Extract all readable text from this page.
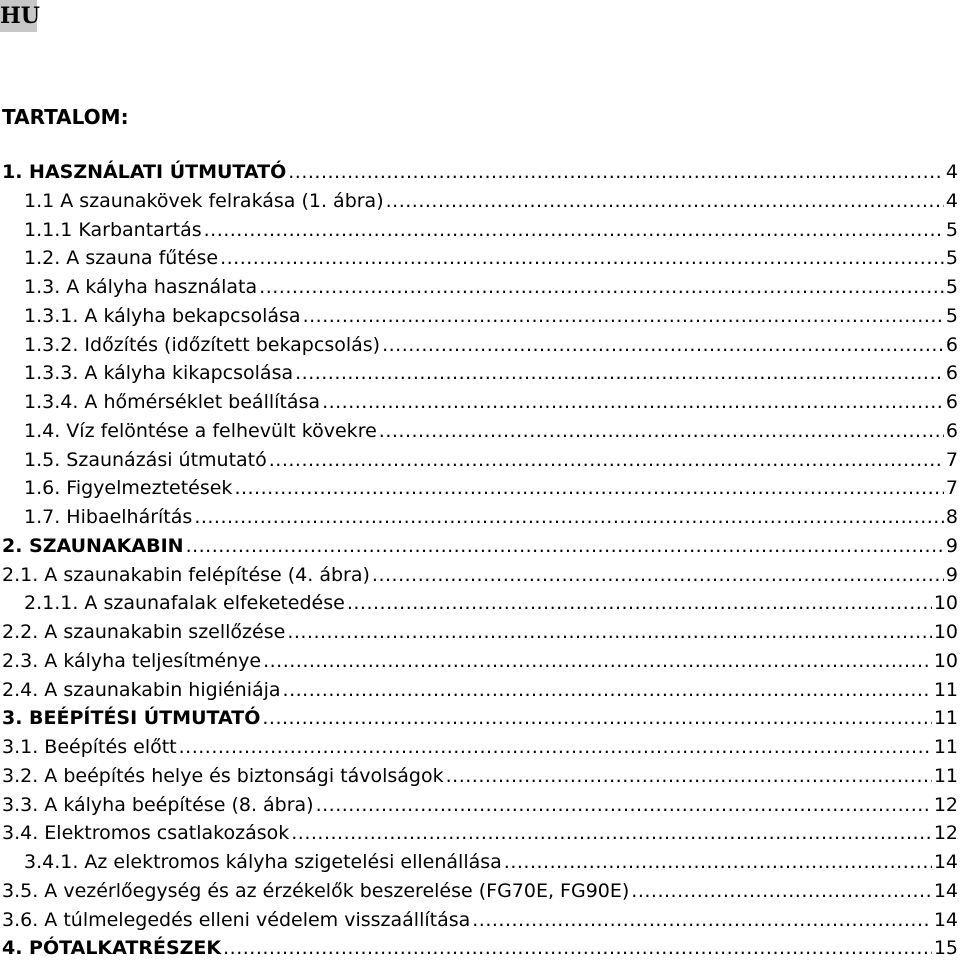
HU
TARTALOM:
1. HASZNÁLATI ÚTMUTATÓ .....	4
1.1 A szaunakövek felrakása (1. ábra) .....	4
1.1.1 Karbantartás .....	5
1.2. A szauna fűtése .....	5
1.3. A kályha használata .....	5
1.3.1. A kályha bekapcsolása .....	5
1.3.2. Időzítés (időzített bekapcsolás) .....	6
1.3.3. A kályha kikapcsolása .....	6
1.3.4. A hőmérséklet beállítása .....	6
1.4. Víz felöntése a felhevült kövekre .....	6
1.5. Szaunázási útmutató .....	7
1.6. Figyelmeztetések .....	7
1.7. Hibaelhárítás .....	8
2. SZAUNAKABIN .....	9
2.1. A szaunakabin felépítése (4. ábra) .....	9
2.1.1. A szaunafalak elfeketedése .....	10
2.2. A szaunakabin szellőzése .....	10
2.3. A kályha teljesítménye .....	10
2.4. A szaunakabin higiéniája .....	11
3. BEÉPÍTÉSI ÚTMUTATÓ .....	11
3.1. Beépítés előtt .....	11
3.2. A beépítés helye és biztonsági távolságok .....	11
3.3. A kályha beépítése (8. ábra) .....	12
3.4. Elektromos csatlakozások .....	12
3.4.1. Az elektromos kályha szigetelési ellenállása .....	14
3.5. A vezérlőegység és az érzékelők beszerelése (FG70E, FG90E) .....	14
3.6. A túlmelegedés elleni védelem visszaállítása .....	14
4. PÓTALKATRÉSZEK .....	15
